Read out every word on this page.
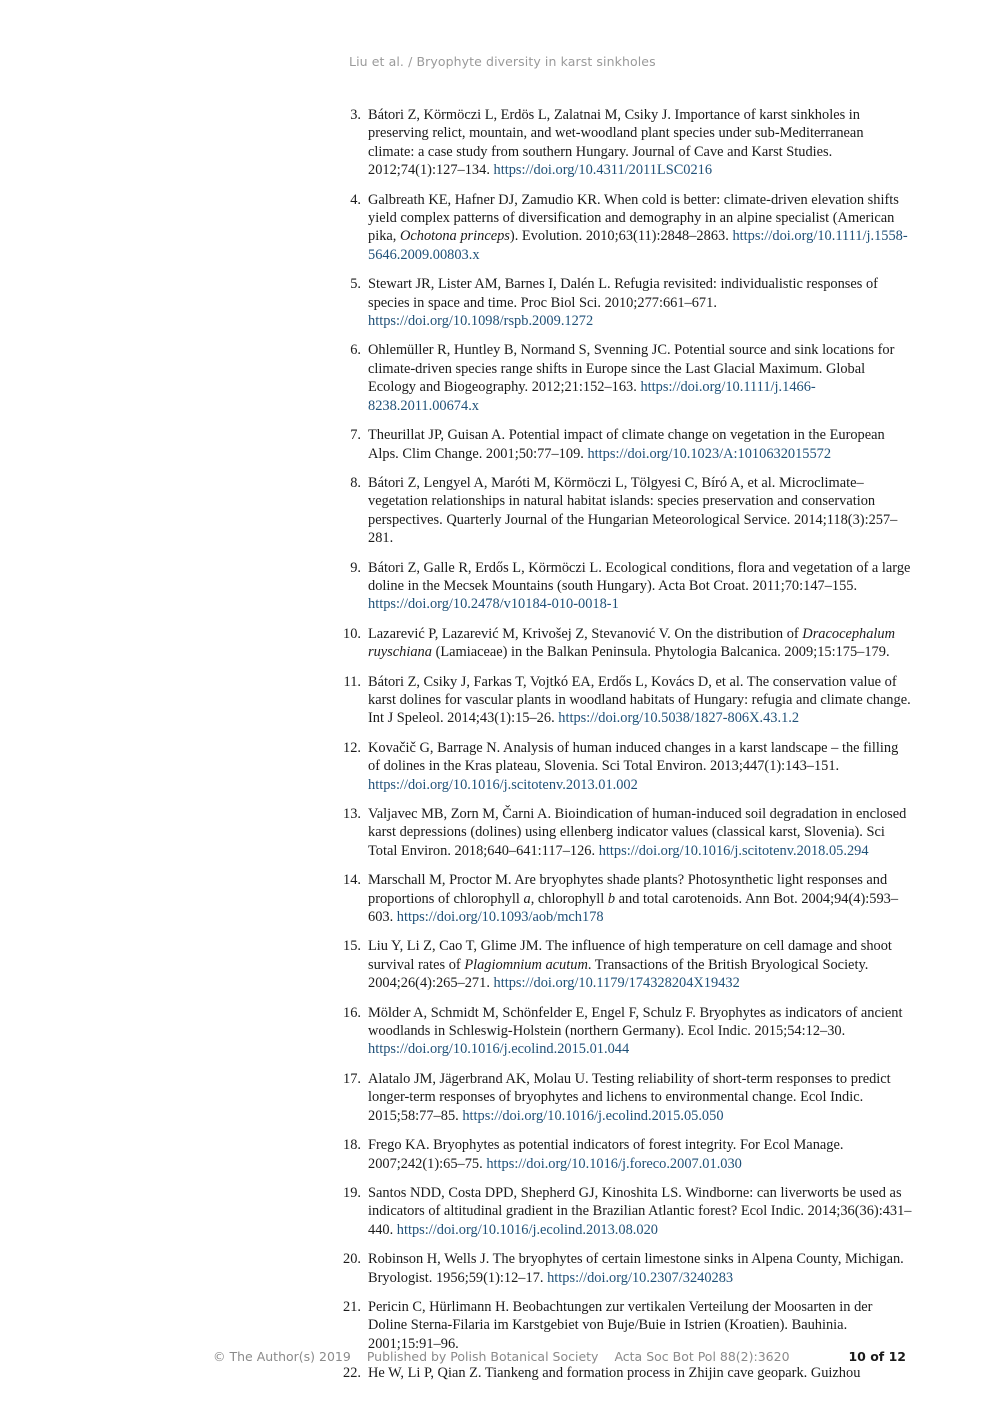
Liu et al. / Bryophyte diversity in karst sinkholes
3. Bátori Z, Körmöczi L, Erdös L, Zalatnai M, Csiky J. Importance of karst sinkholes in preserving relict, mountain, and wet-woodland plant species under sub-Mediterranean climate: a case study from southern Hungary. Journal of Cave and Karst Studies. 2012;74(1):127–134. https://doi.org/10.4311/2011LSC0216
4. Galbreath KE, Hafner DJ, Zamudio KR. When cold is better: climate-driven elevation shifts yield complex patterns of diversification and demography in an alpine specialist (American pika, Ochotona princeps). Evolution. 2010;63(11):2848–2863. https://doi.org/10.1111/j.1558-5646.2009.00803.x
5. Stewart JR, Lister AM, Barnes I, Dalén L. Refugia revisited: individualistic responses of species in space and time. Proc Biol Sci. 2010;277:661–671. https://doi.org/10.1098/rspb.2009.1272
6. Ohlemüller R, Huntley B, Normand S, Svenning JC. Potential source and sink locations for climate-driven species range shifts in Europe since the Last Glacial Maximum. Global Ecology and Biogeography. 2012;21:152–163. https://doi.org/10.1111/j.1466-8238.2011.00674.x
7. Theurillat JP, Guisan A. Potential impact of climate change on vegetation in the European Alps. Clim Change. 2001;50:77–109. https://doi.org/10.1023/A:1010632015572
8. Bátori Z, Lengyel A, Maróti M, Körmöczi L, Tölgyesi C, Bíró A, et al. Microclimate–vegetation relationships in natural habitat islands: species preservation and conservation perspectives. Quarterly Journal of the Hungarian Meteorological Service. 2014;118(3):257–281.
9. Bátori Z, Galle R, Erdős L, Körmöczi L. Ecological conditions, flora and vegetation of a large doline in the Mecsek Mountains (south Hungary). Acta Bot Croat. 2011;70:147–155. https://doi.org/10.2478/v10184-010-0018-1
10. Lazarević P, Lazarević M, Krivošej Z, Stevanović V. On the distribution of Dracocephalum ruyschiana (Lamiaceae) in the Balkan Peninsula. Phytologia Balcanica. 2009;15:175–179.
11. Bátori Z, Csiky J, Farkas T, Vojtkó EA, Erdős L, Kovács D, et al. The conservation value of karst dolines for vascular plants in woodland habitats of Hungary: refugia and climate change. Int J Speleol. 2014;43(1):15–26. https://doi.org/10.5038/1827-806X.43.1.2
12. Kovačič G, Barrage N. Analysis of human induced changes in a karst landscape – the filling of dolines in the Kras plateau, Slovenia. Sci Total Environ. 2013;447(1):143–151. https://doi.org/10.1016/j.scitotenv.2013.01.002
13. Valjavec MB, Zorn M, Čarni A. Bioindication of human-induced soil degradation in enclosed karst depressions (dolines) using ellenberg indicator values (classical karst, Slovenia). Sci Total Environ. 2018;640–641:117–126. https://doi.org/10.1016/j.scitotenv.2018.05.294
14. Marschall M, Proctor M. Are bryophytes shade plants? Photosynthetic light responses and proportions of chlorophyll a, chlorophyll b and total carotenoids. Ann Bot. 2004;94(4):593–603. https://doi.org/10.1093/aob/mch178
15. Liu Y, Li Z, Cao T, Glime JM. The influence of high temperature on cell damage and shoot survival rates of Plagiomnium acutum. Transactions of the British Bryological Society. 2004;26(4):265–271. https://doi.org/10.1179/174328204X19432
16. Mölder A, Schmidt M, Schönfelder E, Engel F, Schulz F. Bryophytes as indicators of ancient woodlands in Schleswig-Holstein (northern Germany). Ecol Indic. 2015;54:12–30. https://doi.org/10.1016/j.ecolind.2015.01.044
17. Alatalo JM, Jägerbrand AK, Molau U. Testing reliability of short-term responses to predict longer-term responses of bryophytes and lichens to environmental change. Ecol Indic. 2015;58:77–85. https://doi.org/10.1016/j.ecolind.2015.05.050
18. Frego KA. Bryophytes as potential indicators of forest integrity. For Ecol Manage. 2007;242(1):65–75. https://doi.org/10.1016/j.foreco.2007.01.030
19. Santos NDD, Costa DPD, Shepherd GJ, Kinoshita LS. Windborne: can liverworts be used as indicators of altitudinal gradient in the Brazilian Atlantic forest? Ecol Indic. 2014;36(36):431–440. https://doi.org/10.1016/j.ecolind.2013.08.020
20. Robinson H, Wells J. The bryophytes of certain limestone sinks in Alpena County, Michigan. Bryologist. 1956;59(1):12–17. https://doi.org/10.2307/3240283
21. Pericin C, Hürlimann H. Beobachtungen zur vertikalen Verteilung der Moosarten in der Doline Sterna-Filaria im Karstgebiet von Buje/Buie in Istrien (Kroatien). Bauhinia. 2001;15:91–96.
22. He W, Li P, Qian Z. Tiankeng and formation process in Zhijin cave geopark. Guizhou
© The Author(s) 2019 Published by Polish Botanical Society Acta Soc Bot Pol 88(2):3620	10 of 12
